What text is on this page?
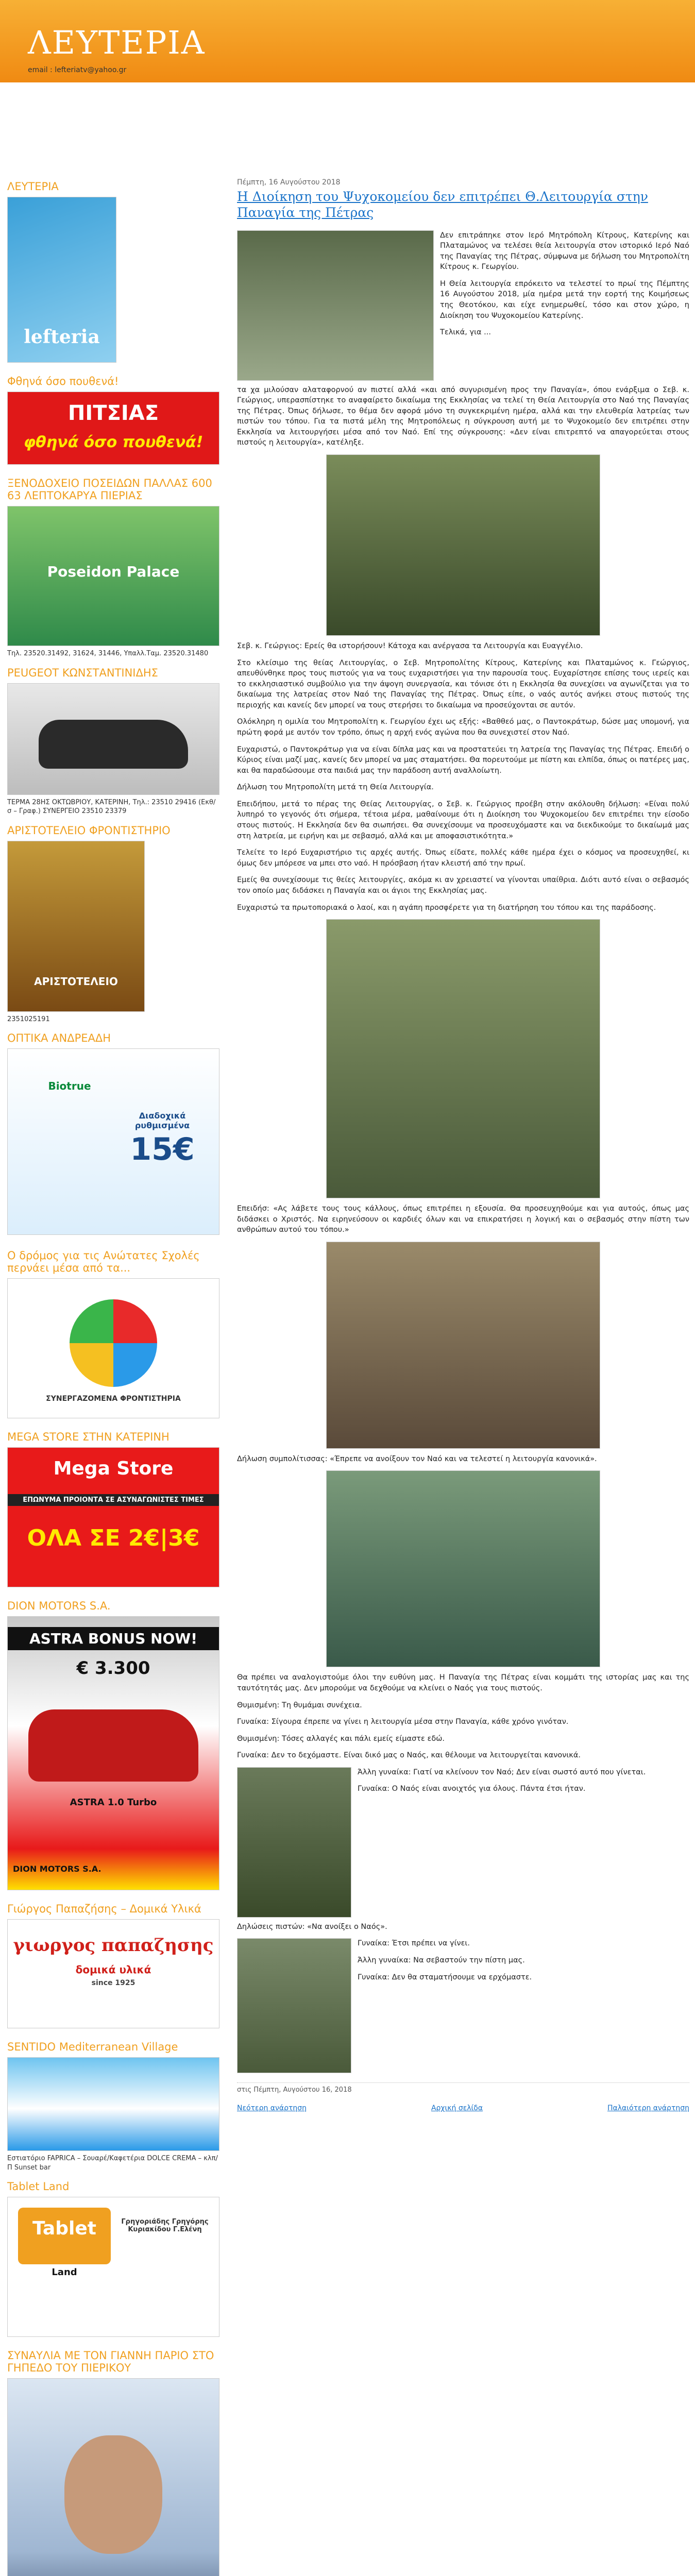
ΛΕΥΤΕΡΙΑ
email : lefteriatv@yahoo.gr
ΛΕΥΤΕΡΙΑ
lefteria
Φθηνά όσο πουθενά!
ΠΙΤΣΙΑΣ
φθηνά όσο πουθενά!
ΞΕΝΟΔΟΧΕΙΟ ΠΟΣΕΙΔΩΝ ΠΑΛΛΑΣ 600 63 ΛΕΠΤΟΚΑΡΥΑ ΠΙΕΡΙΑΣ
Poseidon Palace
Τηλ. 23520.31492, 31624, 31446, Υπαλλ.Ταμ. 23520.31480
PEUGEOT ΚΩΝΣΤΑΝΤΙΝΙΔΗΣ
ΤΕΡΜΑ 28ΗΣ ΟΚΤΩΒΡΙΟΥ, ΚΑΤΕΡΙΝΗ, Τηλ.: 23510 29416 (Εκθ/σ – Γραφ.) ΣΥΝΕΡΓΕΙΟ 23510 23379
ΑΡΙΣΤΟΤΕΛΕΙΟ ΦΡΟΝΤΙΣΤΗΡΙΟ
ΑΡΙΣΤΟΤΕΛΕΙΟ
2351025191
ΟΠΤΙΚΑ ΑΝΔΡΕΑΔΗ
Διαδοχικά ρυθμισμένα
15€
Biotrue
Ο δρόμος για τις Ανώτατες Σχολές περνάει μέσα από τα...
ΣΥΝΕΡΓΑΖΟΜΕΝΑ ΦΡΟΝΤΙΣΤΗΡΙΑ
MEGA STORE ΣΤΗΝ ΚΑΤΕΡΙΝΗ
Mega Store
ΕΠΩΝΥΜΑ ΠΡΟΙΟΝΤΑ ΣΕ ΑΣΥΝΑΓΩΝΙΣΤΕΣ ΤΙΜΕΣ
ΟΛΑ ΣΕ 2€|3€
DION MOTORS S.A.
ASTRA BONUS NOW!
€ 3.300
ASTRA 1.0 Turbo
DION MOTORS S.A.
Γιώργος Παπαζήσης – Δομικά Υλικά
γιωργος παπαζησης
δομικά υλικά
since 1925
SENTIDO Mediterranean Village
Εστιατόριο FAPRICA – Σουαρέ/Καφετέρια DOLCE CREMA – κλπ/Π Sunset bar
Tablet Land
Tablet
Land
Γρηγοριάδης Γρηγόρης Κυριακίδου Γ.Ελένη
ΣΥΝΑΥΛΙΑ ΜΕ ΤΟΝ ΓΙΑΝΝΗ ΠΑΡΙΟ ΣΤΟ ΓΗΠΕΔΟ ΤΟΥ ΠΙΕΡΙΚΟΥ
Πέμπτη, 16 Αυγούστου 2018
Η Διοίκηση του Ψυχοκομείου δεν επιτρέπει Θ.Λειτουργία στην Παναγία της Πέτρας

Δεν επιτράπηκε στον Ιερό Μητρόπολη Κίτρους, Κατερίνης και Πλαταμώνος να τελέσει θεία λειτουργία στον ιστορικό Ιερό Ναό της Παναγίας της Πέτρας, σύμφωνα με δήλωση του Μητροπολίτη Κίτρους κ. Γεωργίου.

Η Θεία λειτουργία επρόκειτο να τελεστεί το πρωί της Πέμπτης 16 Αυγούστου 2018, μία ημέρα μετά την εορτή της Κοιμήσεως της Θεοτόκου, και είχε ενημερωθεί, τόσο και στον χώρο, η Διοίκηση του Ψυχοκομείου Κατερίνης.

Τελικά, για ...

τα χα μιλούσαν αλαταφορνού αν πιστεί αλλά «και από συγυρισμένη προς την Παναγία», όπου ενάρξιμα ο Σεβ. κ. Γεώργιος, υπερασπίστηκε το αναφαίρετο δικαίωμα της Εκκλησίας να τελεί τη Θεία Λειτουργία στο Ναό της Παναγίας της Πέτρας. Όπως δήλωσε, το θέμα δεν αφορά μόνο τη συγκεκριμένη ημέρα, αλλά και την ελευθερία λατρείας των πιστών του τόπου. Για τα πιστά μέλη της Μητροπόλεως η σύγκρουση αυτή με το Ψυχοκομείο δεν επιτρέπει στην Εκκλησία να λειτουργήσει μέσα από τον Ναό. Επί της σύγκρουσης: «Δεν είναι επιτρεπτό να απαγορεύεται στους πιστούς η λειτουργία», κατέληξε.

Σεβ. κ. Γεώργιος: Ερείς θα ιστορήσουν! Κάτοχα και ανέργασα τα Λειτουργία και Ευαγγέλιο.

Στο κλείσιμο της θείας Λειτουργίας, ο Σεβ. Μητροπολίτης Κίτρους, Κατερίνης και Πλαταμώνος κ. Γεώργιος, απευθύνθηκε προς τους πιστούς για να τους ευχαριστήσει για την παρουσία τους. Ευχαρίστησε επίσης τους ιερείς και το εκκλησιαστικό συμβούλιο για την άψογη συνεργασία, και τόνισε ότι η Εκκλησία θα συνεχίσει να αγωνίζεται για το δικαίωμα της λατρείας στον Ναό της Παναγίας της Πέτρας. Όπως είπε, ο ναός αυτός ανήκει στους πιστούς της περιοχής και κανείς δεν μπορεί να τους στερήσει το δικαίωμα να προσεύχονται σε αυτόν.

Ολόκληρη η ομιλία του Μητροπολίτη κ. Γεωργίου έχει ως εξής: «Βαθθεό μας, ο Παντοκράτωρ, δώσε μας υπομονή, για πρώτη φορά με αυτόν τον τρόπο, όπως η αρχή ενός αγώνα που θα συνεχιστεί στον Ναό.

Ευχαριστώ, ο Παντοκράτωρ για να είναι δίπλα μας και να προστατεύει τη λατρεία της Παναγίας της Πέτρας. Επειδή ο Κύριος είναι μαζί μας, κανείς δεν μπορεί να μας σταματήσει. Θα πορευτούμε με πίστη και ελπίδα, όπως οι πατέρες μας, και θα παραδώσουμε στα παιδιά μας την παράδοση αυτή αναλλοίωτη.

Δήλωση του Μητροπολίτη μετά τη Θεία Λειτουργία.

Επειδήπου, μετά το πέρας της Θείας Λειτουργίας, ο Σεβ. κ. Γεώργιος προέβη στην ακόλουθη δήλωση: «Είναι πολύ λυπηρό το γεγονός ότι σήμερα, τέτοια μέρα, μαθαίνουμε ότι η Διοίκηση του Ψυχοκομείου δεν επιτρέπει την είσοδο στους πιστούς. Η Εκκλησία δεν θα σιωπήσει. Θα συνεχίσουμε να προσευχόμαστε και να διεκδικούμε το δικαίωμά μας στη λατρεία, με ειρήνη και με σεβασμό, αλλά και με αποφασιστικότητα.»

Τελείτε το Ιερό Ευχαριστήριο τις αρχές αυτής. Όπως είδατε, πολλές κάθε ημέρα έχει ο κόσμος να προσευχηθεί, κι όμως δεν μπόρεσε να μπει στο ναό. Η πρόσβαση ήταν κλειστή από την πρωί.

Εμείς θα συνεχίσουμε τις θείες λειτουργίες, ακόμα κι αν χρειαστεί να γίνονται υπαίθρια. Διότι αυτό είναι ο σεβασμός τον οποίο μας διδάσκει η Παναγία και οι άγιοι της Εκκλησίας μας.

Ευχαριστώ τα πρωτοποριακά ο λαοί, και η αγάπη προσφέρετε για τη διατήρηση του τόπου και της παράδοσης.

Επειδήσ: «Ας λάβετε τους τους κάλλους, όπως επιτρέπει η εξουσία. Θα προσευχηθούμε και για αυτούς, όπως μας διδάσκει ο Χριστός. Να ειρηνεύσουν οι καρδιές όλων και να επικρατήσει η λογική και ο σεβασμός στην πίστη των ανθρώπων αυτού του τόπου.»

Δήλωση συμπολίτισσας: «Έπρεπε να ανοίξουν τον Ναό και να τελεστεί η λειτουργία κανονικά».

Θα πρέπει να αναλογιστούμε όλοι την ευθύνη μας. Η Παναγία της Πέτρας είναι κομμάτι της ιστορίας μας και της ταυτότητάς μας. Δεν μπορούμε να δεχθούμε να κλείνει ο Ναός για τους πιστούς.

Θυμισμένη: Τη θυμάμαι συνέχεια.

Γυναίκα: Σίγουρα έπρεπε να γίνει η λειτουργία μέσα στην Παναγία, κάθε χρόνο γινόταν.

Θυμισμένη: Τόσες αλλαγές και πάλι εμείς είμαστε εδώ.

Γυναίκα: Δεν το δεχόμαστε. Είναι δικό μας ο Ναός, και θέλουμε να λειτουργείται κανονικά.

Άλλη γυναίκα: Γιατί να κλείνουν τον Ναό; Δεν είναι σωστό αυτό που γίνεται.

Γυναίκα: Ο Ναός είναι ανοιχτός για όλους. Πάντα έτσι ήταν.

Δηλώσεις πιστών: «Να ανοίξει ο Ναός».

Γυναίκα: Έτσι πρέπει να γίνει.

Άλλη γυναίκα: Να σεβαστούν την πίστη μας.

Γυναίκα: Δεν θα σταματήσουμε να ερχόμαστε.

στις Πέμπτη, Αυγούστου 16, 2018
Νεότερη ανάρτηση	Αρχική σελίδα	Παλαιότερη ανάρτηση
